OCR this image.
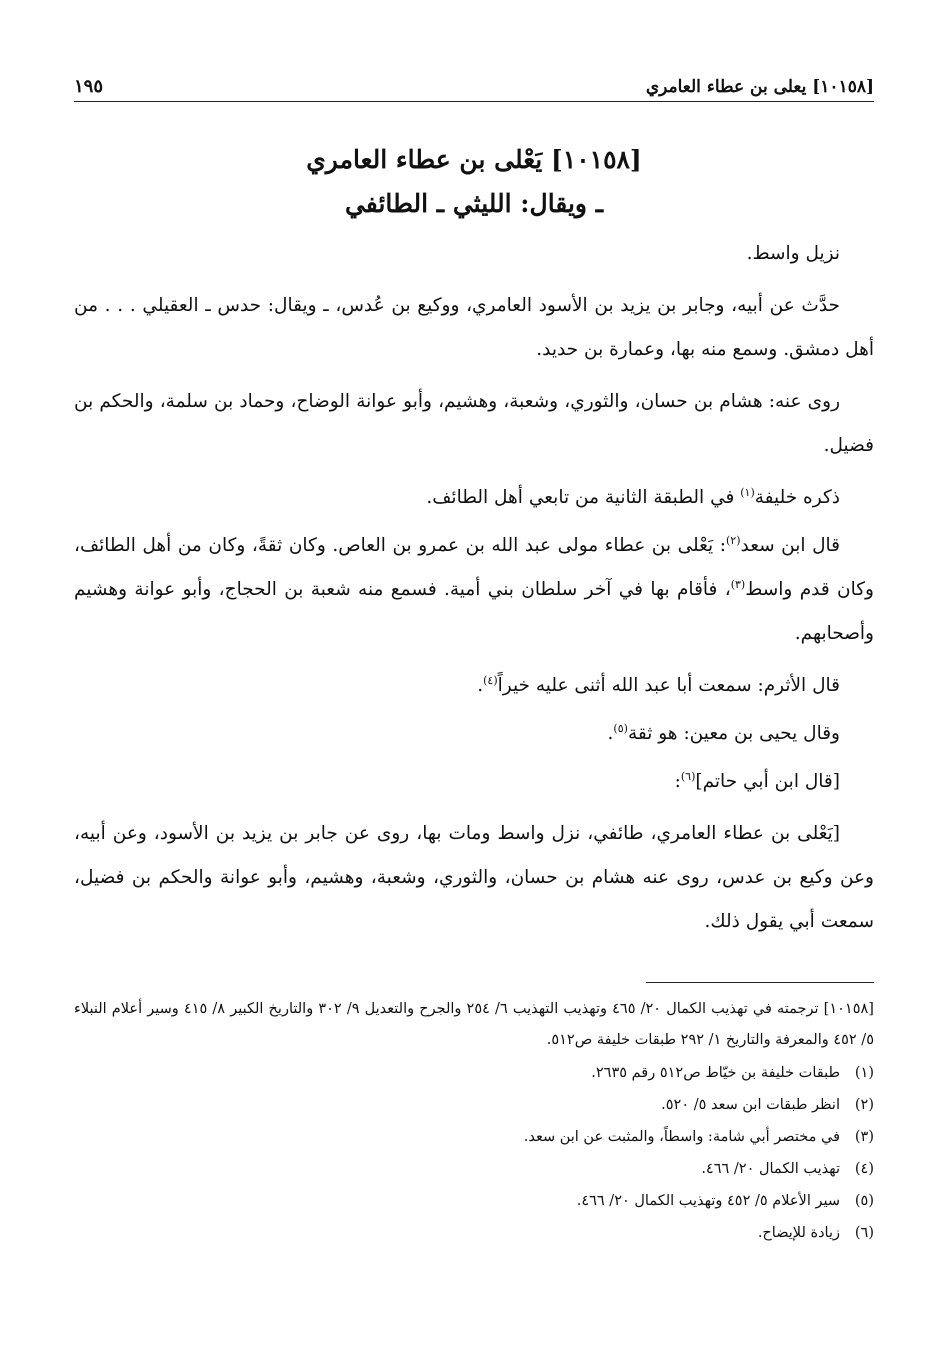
[١٠١٥٨] يعلى بن عطاء العامري
١٩٥
[١٠١٥٨] يَعْلى بن عطاء العامري
ـ ويقال: الليثي ـ الطائفي

نزيل واسط.

حدَّث عن أبيه، وجابر بن يزيد بن الأسود العامري، ووكيع بن عُدس، ـ ويقال: حدس ـ العقيلي . . . من أهل دمشق. وسمع منه بها، وعمارة بن حديد.

روى عنه: هشام بن حسان، والثوري، وشعبة، وهشيم، وأبو عوانة الوضاح، وحماد بن سلمة، والحكم بن فضيل.

ذكره خليفة$^{(١)}$ في الطبقة الثانية من تابعي أهل الطائف.

قال ابن سعد$^{(٢)}$: يَعْلى بن عطاء مولى عبد الله بن عمرو بن العاص. وكان ثقةً، وكان من أهل الطائف، وكان قدم واسط$^{(٣)}$، فأقام بها في آخر سلطان بني أمية. فسمع منه شعبة بن الحجاج، وأبو عوانة وهشيم وأصحابهم.

قال الأثرم: سمعت أبا عبد الله أثنى عليه خيراً$^{(٤)}$.

وقال يحيى بن معين: هو ثقة$^{(٥)}$.

[قال ابن أبي حاتم]$^{(٦)}$:

[يَعْلى بن عطاء العامري، طائفي، نزل واسط ومات بها، روى عن جابر بن يزيد بن الأسود، وعن أبيه، وعن وكيع بن عدس، روى عنه هشام بن حسان، والثوري، وشعبة، وهشيم، وأبو عوانة والحكم بن فضيل، سمعت أبي يقول ذلك.

[١٠١٥٨] ترجمته في تهذيب الكمال ٢٠/ ٤٦٥ وتهذيب التهذيب ٦/ ٢٥٤ والجرح والتعديل ٩/ ٣٠٢ والتاريخ الكبير ٨/ ٤١٥ وسير أعلام النبلاء ٥/ ٤٥٢ والمعرفة والتاريخ ١/ ٢٩٢ طبقات خليفة ص٥١٢.
(١)
طبقات خليفة بن خيّاط ص٥١٢ رقم ٢٦٣٥.
(٢)
انظر طبقات ابن سعد ٥/ ٥٢٠.
(٣)
في مختصر أبي شامة: واسطاً، والمثبت عن ابن سعد.
(٤)
تهذيب الكمال ٢٠/ ٤٦٦.
(٥)
سير الأعلام ٥/ ٤٥٢ وتهذيب الكمال ٢٠/ ٤٦٦.
(٦)
زيادة للإيضاح.
